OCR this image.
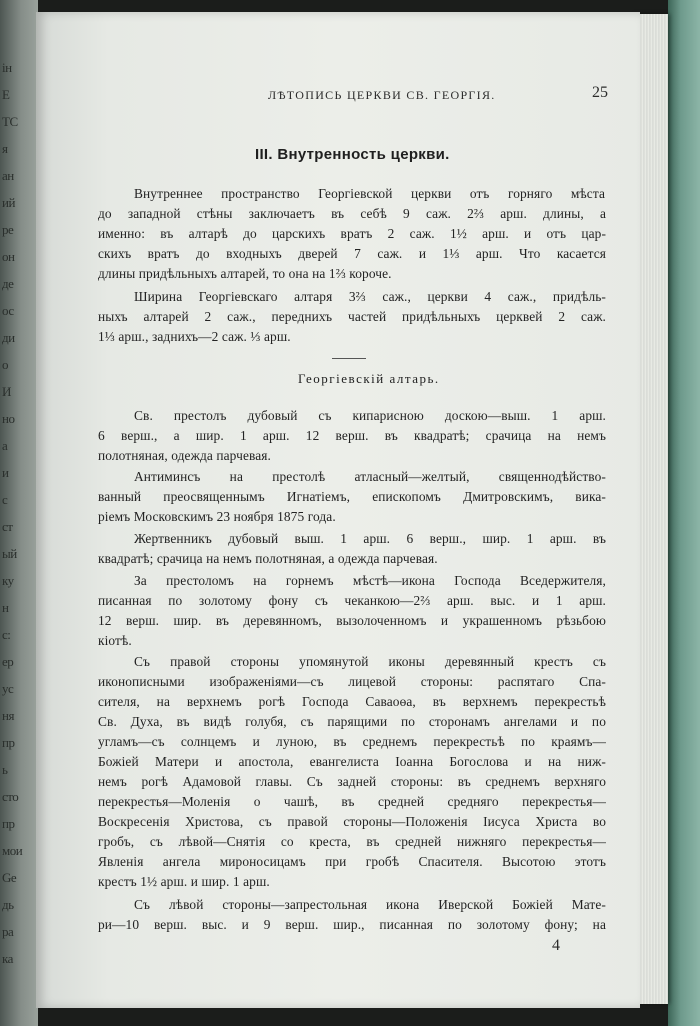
ін
Е
ТС
я
ан
ий
ре
он
де
ос
ди
о
И
но
а
и
с
ст
ый
ку
н
с:
ер
ус
ня
пр
ь
сто
пр
мои
Ge
дь
ра
ка
ЛѢТОПИСЬ ЦЕРКВИ СВ. ГЕОРГІЯ.	25
III. Внутренность церкви.
Внутреннее пространство Георгіевской церкви отъ горняго мѣста
до западной стѣны заключаетъ въ себѣ 9 саж. 2⅔ арш. длины, а
именно: въ алтарѣ до царскихъ вратъ 2 саж. 1½ арш. и отъ цар-
скихъ вратъ до входныхъ дверей 7 саж. и 1⅓ арш. Что касается
длины придѣльныхъ алтарей, то она на 1⅔ короче.
Ширина Георгіевскаго алтаря 3⅔ саж., церкви 4 саж., придѣль-
ныхъ алтарей 2 саж., переднихъ частей придѣльныхъ церквей 2 саж.
1⅓ арш., заднихъ—2 саж. ⅓ арш.
Георгіевскій алтарь.
Св. престолъ дубовый съ кипарисною доскою—выш. 1 арш.
6 верш., а шир. 1 арш. 12 верш. въ квадратѣ; срачица на немъ
полотняная, одежда парчевая.
Антиминсъ на престолѣ атласный—желтый, священнодѣйство-
ванный преосвященнымъ Игнатіемъ, епископомъ Дмитровскимъ, вика-
ріемъ Московскимъ 23 ноября 1875 года.
Жертвенникъ дубовый выш. 1 арш. 6 верш., шир. 1 арш. въ
квадратѣ; срачица на немъ полотняная, а одежда парчевая.
За престоломъ на горнемъ мѣстѣ—икона Господа Вседержителя,
писанная по золотому фону съ чеканкою—2⅔ арш. выс. и 1 арш.
12 верш. шир. въ деревянномъ, вызолоченномъ и украшенномъ рѣзьбою
кіотѣ.
Съ правой стороны упомянутой иконы деревянный крестъ съ
иконописными изображеніями—съ лицевой стороны: распятаго Спа-
сителя, на верхнемъ рогѣ Господа Саваоѳа, въ верхнемъ перекрестьѣ
Св. Духа, въ видѣ голубя, съ парящими по сторонамъ ангелами и по
угламъ—съ солнцемъ и луною, въ среднемъ перекрестьѣ по краямъ—
Божіей Матери и апостола, евангелиста Іоанна Богослова и на ниж-
немъ рогѣ Адамовой главы. Съ задней стороны: въ среднемъ верхняго
перекрестья—Моленія о чашѣ, въ средней средняго перекрестья—
Воскресенія Христова, съ правой стороны—Положенія Іисуса Христа во
гробъ, съ лѣвой—Снятія со креста, въ средней нижняго перекрестья—
Явленія ангела мироносицамъ при гробѣ Спасителя. Высотою этотъ
крестъ 1½ арш. и шир. 1 арш.
Съ лѣвой стороны—запрестольная икона Иверской Божіей Мате-
ри—10 верш. выс. и 9 верш. шир., писанная по золотому фону; на
4
